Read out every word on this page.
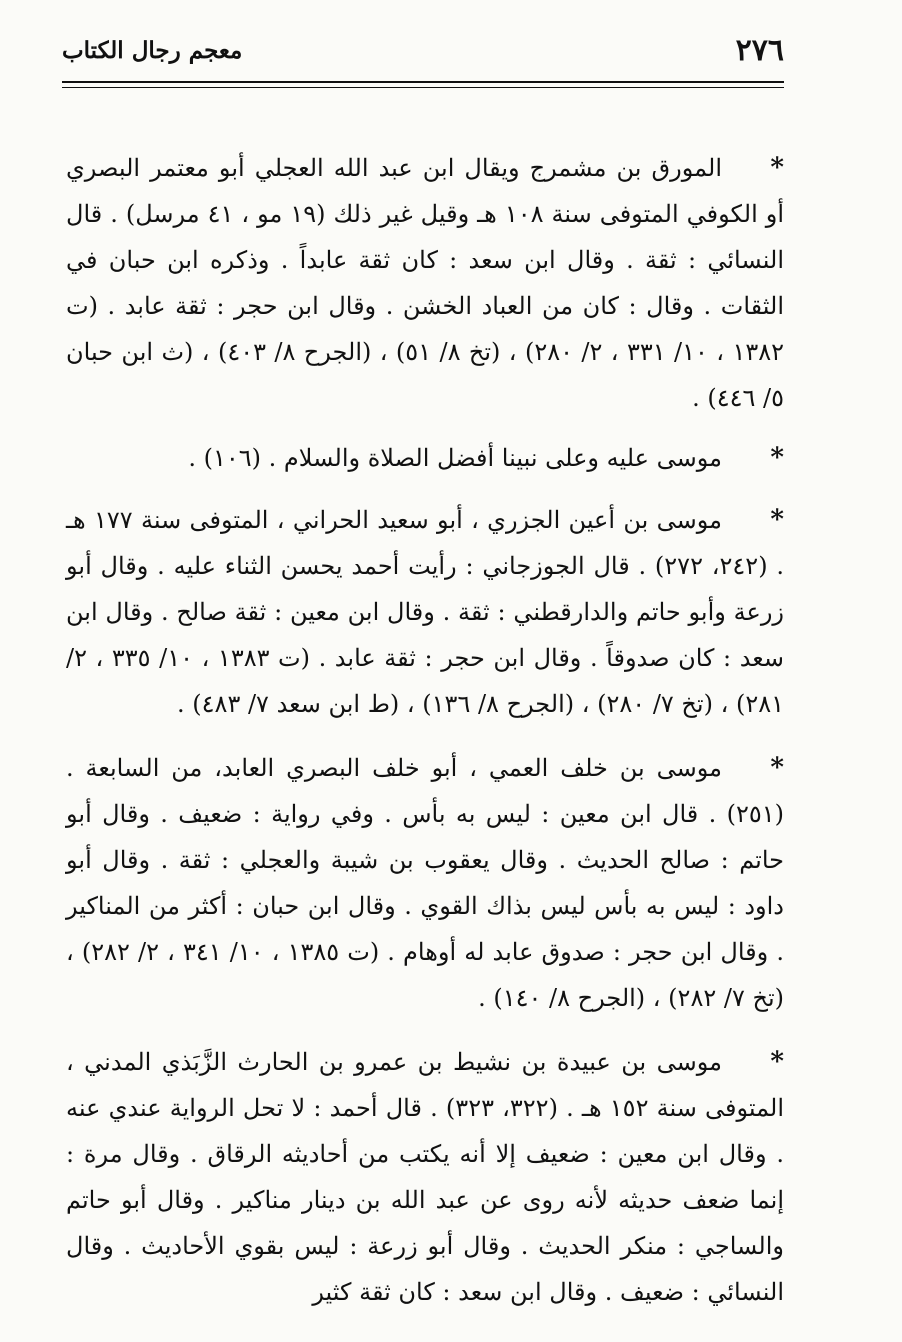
٢٧٦
معجم رجال الكتاب

*المورق بن مشمرج ويقال ابن عبد الله العجلي أبو معتمر البصري أو الكوفي المتوفى سنة ١٠٨ هـ وقيل غير ذلك (١٩ مو ، ٤١ مرسل) . قال النسائي : ثقة . وقال ابن سعد : كان ثقة عابداً . وذكره ابن حبان في الثقات . وقال : كان من العباد الخشن . وقال ابن حجر : ثقة عابد . (ت ١٣٨٢ ، ١٠/ ٣٣١ ، ٢/ ٢٨٠) ، (تخ ٨/ ٥١) ، (الجرح ٨/ ٤٠٣) ، (ث ابن حبان ٥/ ٤٤٦) .

*موسى عليه وعلى نبينا أفضل الصلاة والسلام . (١٠٦) .

*موسى بن أعين الجزري ، أبو سعيد الحراني ، المتوفى سنة ١٧٧ هـ . (٢٤٢، ٢٧٢) . قال الجوزجاني : رأيت أحمد يحسن الثناء عليه . وقال أبو زرعة وأبو حاتم والدارقطني : ثقة . وقال ابن معين : ثقة صالح . وقال ابن سعد : كان صدوقاً . وقال ابن حجر : ثقة عابد . (ت ١٣٨٣ ، ١٠/ ٣٣٥ ، ٢/ ٢٨١) ، (تخ ٧/ ٢٨٠) ، (الجرح ٨/ ١٣٦) ، (ط ابن سعد ٧/ ٤٨٣) .

*موسى بن خلف العمي ، أبو خلف البصري العابد، من السابعة . (٢٥١) . قال ابن معين : ليس به بأس . وفي رواية : ضعيف . وقال أبو حاتم : صالح الحديث . وقال يعقوب بن شيبة والعجلي : ثقة . وقال أبو داود : ليس به بأس ليس بذاك القوي . وقال ابن حبان : أكثر من المناكير . وقال ابن حجر : صدوق عابد له أوهام . (ت ١٣٨٥ ، ١٠/ ٣٤١ ، ٢/ ٢٨٢) ، (تخ ٧/ ٢٨٢) ، (الجرح ٨/ ١٤٠) .

*موسى بن عبيدة بن نشيط بن عمرو بن الحارث الزَّبَذي المدني ، المتوفى سنة ١٥٢ هـ . (٣٢٢، ٣٢٣) . قال أحمد : لا تحل الرواية عندي عنه . وقال ابن معين : ضعيف إلا أنه يكتب من أحاديثه الرقاق . وقال مرة : إنما ضعف حديثه لأنه روى عن عبد الله بن دينار مناكير . وقال أبو حاتم والساجي : منكر الحديث . وقال أبو زرعة : ليس بقوي الأحاديث . وقال النسائي : ضعيف . وقال ابن سعد : كان ثقة كثير
